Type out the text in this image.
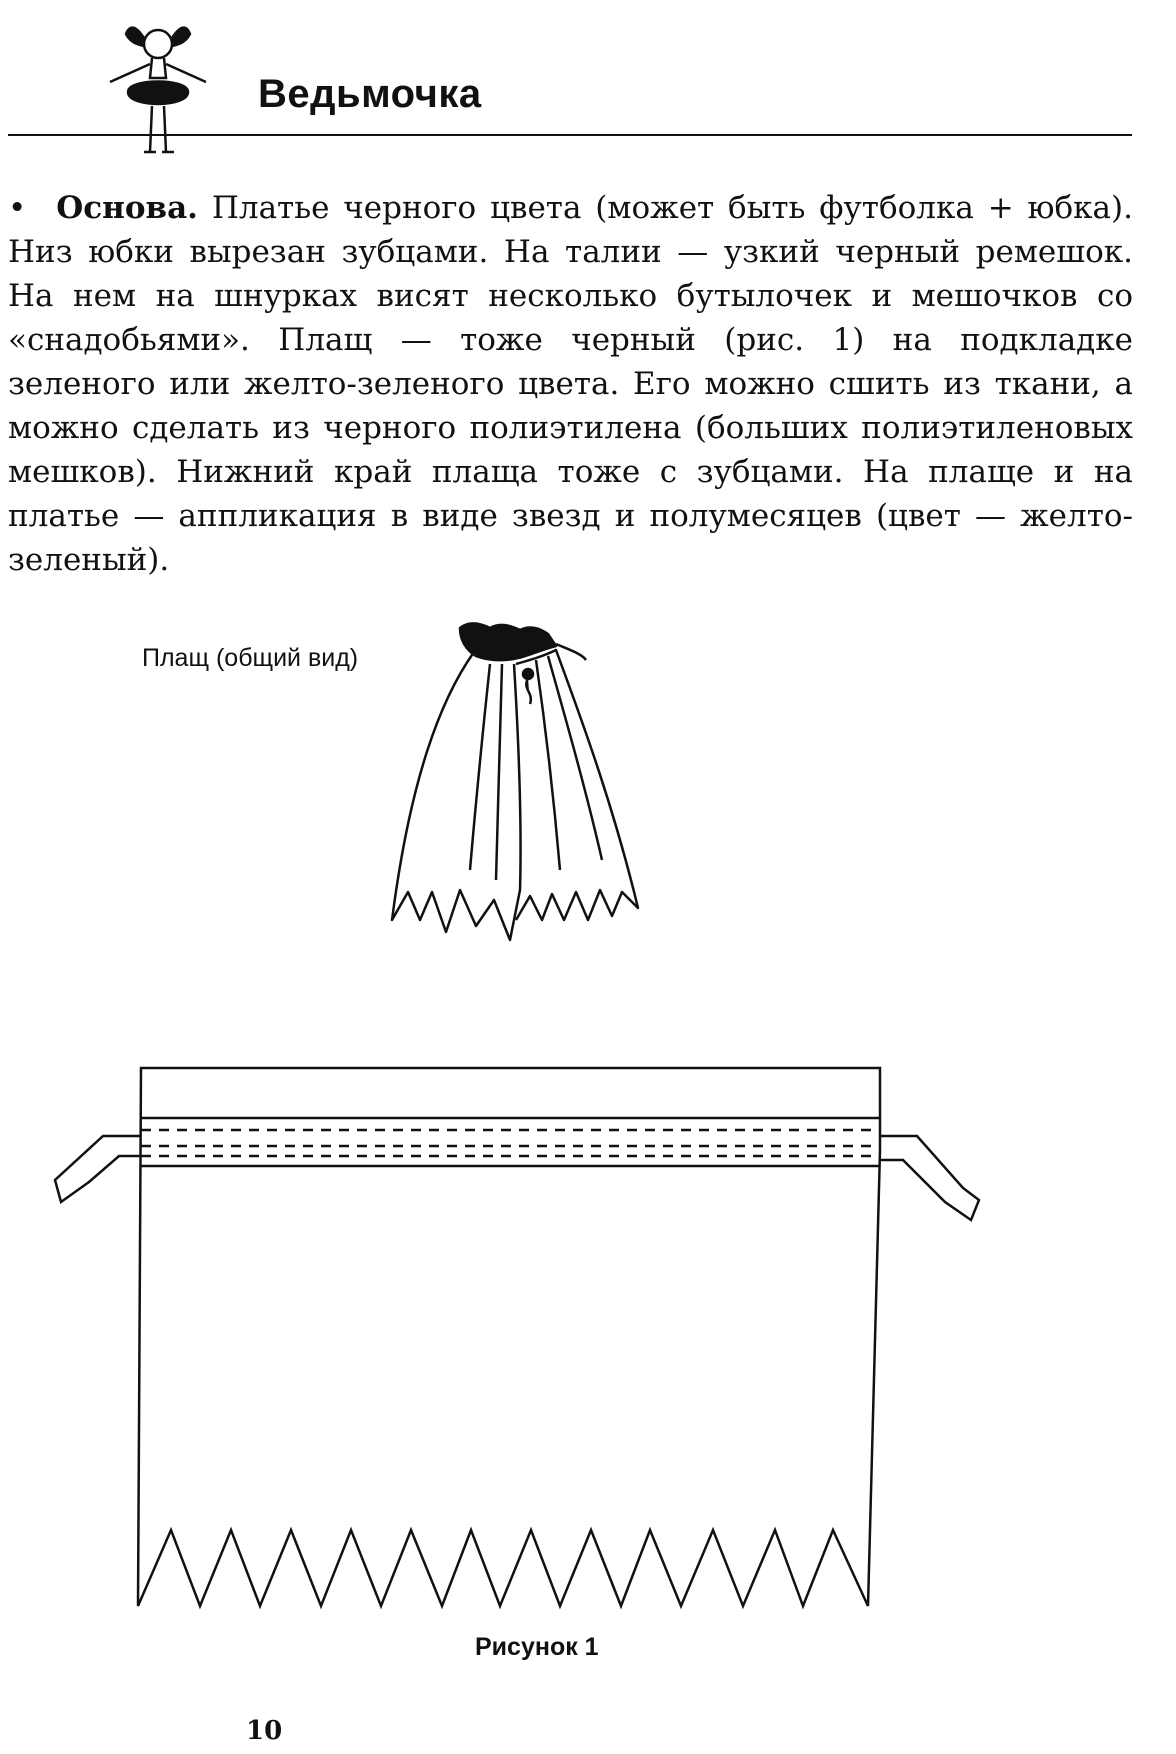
Ведьмочка

• Основа. Платье черного цвета (может быть футболка + юбка). Низ юбки вырезан зубцами. На талии — узкий черный ремешок. На нем на шнурках висят несколько бутылочек и мешочков со «снадобьями». Плащ — тоже черный (рис. 1) на подкладке зеленого или желто-зеленого цвета. Его можно сшить из ткани, а можно сделать из черного полиэтилена (больших полиэтиленовых мешков). Нижний край плаща тоже с зубцами. На плаще и на платье — аппликация в виде звезд и полумесяцев (цвет — желто-зеленый).

Плащ (общий вид)
Рисунок 1
10
